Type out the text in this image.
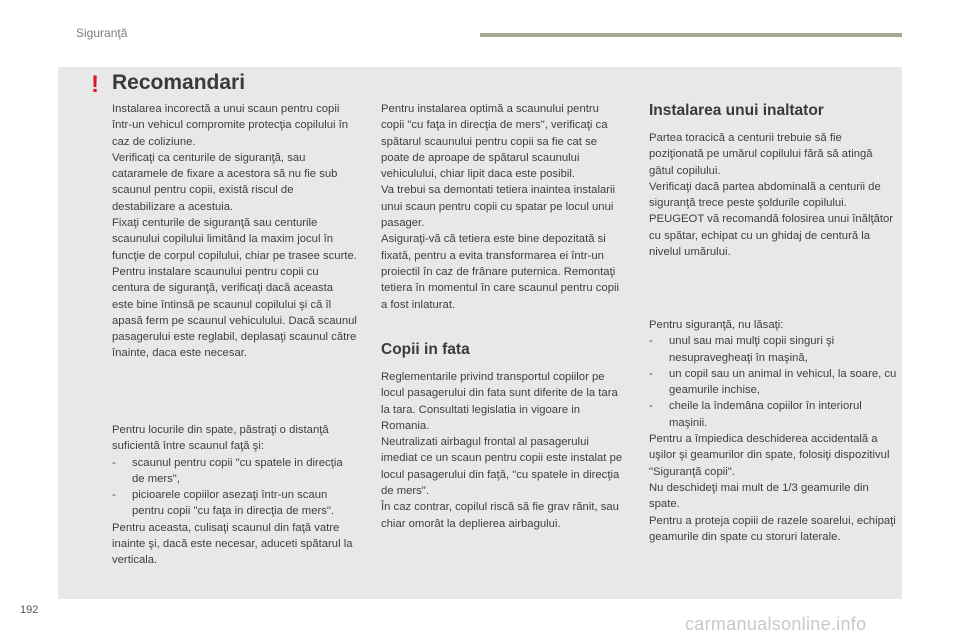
Siguranţă
! Recomandari

Instalarea incorectă a unui scaun pentru copii într-un vehicul compromite protecţia copilului în caz de coliziune.

Verificaţi ca centurile de siguranţă, sau cataramele de fixare a acestora să nu fie sub scaunul pentru copii, există riscul de destabilizare a acestuia.

Fixaţi centurile de siguranţă sau centurile scaunului copilului limitând la maxim jocul în funcţie de corpul copilului, chiar pe trasee scurte.

Pentru instalare scaunului pentru copii cu centura de siguranţă, verificaţi dacă aceasta este bine întinsă pe scaunul copilului şi că îl apasă ferm pe scaunul vehiculului. Dacă scaunul pasagerului este reglabil, deplasaţi scaunul către înainte, daca este necesar.

Pentru locurile din spate, păstraţi o distanţă suficientă între scaunul faţă şi:

-	scaunul pentru copii "cu spatele in direcţia de mers",
-	picioarele copiilor asezaţi într-un scaun pentru copii "cu faţa in direcţia de mers".

Pentru aceasta, culisaţi scaunul din faţă vatre inainte şi, dacă este necesar, aduceti spătarul la verticala.

Pentru instalarea optimă a scaunului pentru copii "cu faţa in direcţia de mers", verificaţi ca spătarul scaunului pentru copii sa fie cat se poate de aproape de spătarul scaunului vehiculului, chiar lipit daca este posibil.

Va trebui sa demontati tetiera inaintea instalarii unui scaun pentru copii cu spatar pe locul unui pasager.

Asiguraţi-vă că tetiera este bine depozitată si fixată, pentru a evita transformarea ei într-un proiectil în caz de frânare puternica. Remontaţi tetiera în momentul în care scaunul pentru copii a fost inlaturat.

Copii in fata

Reglementarile privind transportul copiilor pe locul pasagerului din fata sunt diferite de la tara la tara. Consultati legislatia in vigoare in Romania.

Neutralizati airbagul frontal al pasagerului imediat ce un scaun pentru copii este instalat pe locul pasagerului din faţă, "cu spatele in direcţia de mers".

În caz contrar, copilul riscă să fie grav rănit, sau chiar omorât la deplierea airbagului.

Instalarea unui inaltator

Partea toracică a centurii trebuie să fie poziţionată pe umărul copilului fără să atingă gâtul copilului.

Verificaţi dacă partea abdominală a centurii de siguranţă trece peste şoldurile copilului.

PEUGEOT vă recomandă folosirea unui înălţător cu spătar, echipat cu un ghidaj de centură la nivelul umărului.

Pentru siguranţă, nu lăsaţi:

-	unul sau mai mulţi copii singuri şi nesupravegheaţi în maşină,
-	un copil sau un animal in vehicul, la soare, cu geamurile inchise,
-	cheile la îndemâna copiilor în interiorul maşinii.

Pentru a împiedica deschiderea accidentală a uşilor şi geamurilor din spate, folosiţi dispozitivul "Siguranţă copii".

Nu deschideţi mai mult de 1/3 geamurile din spate.

Pentru a proteja copiii de razele soarelui, echipaţi geamurile din spate cu storuri laterale.

192
carmanualsonline.info
